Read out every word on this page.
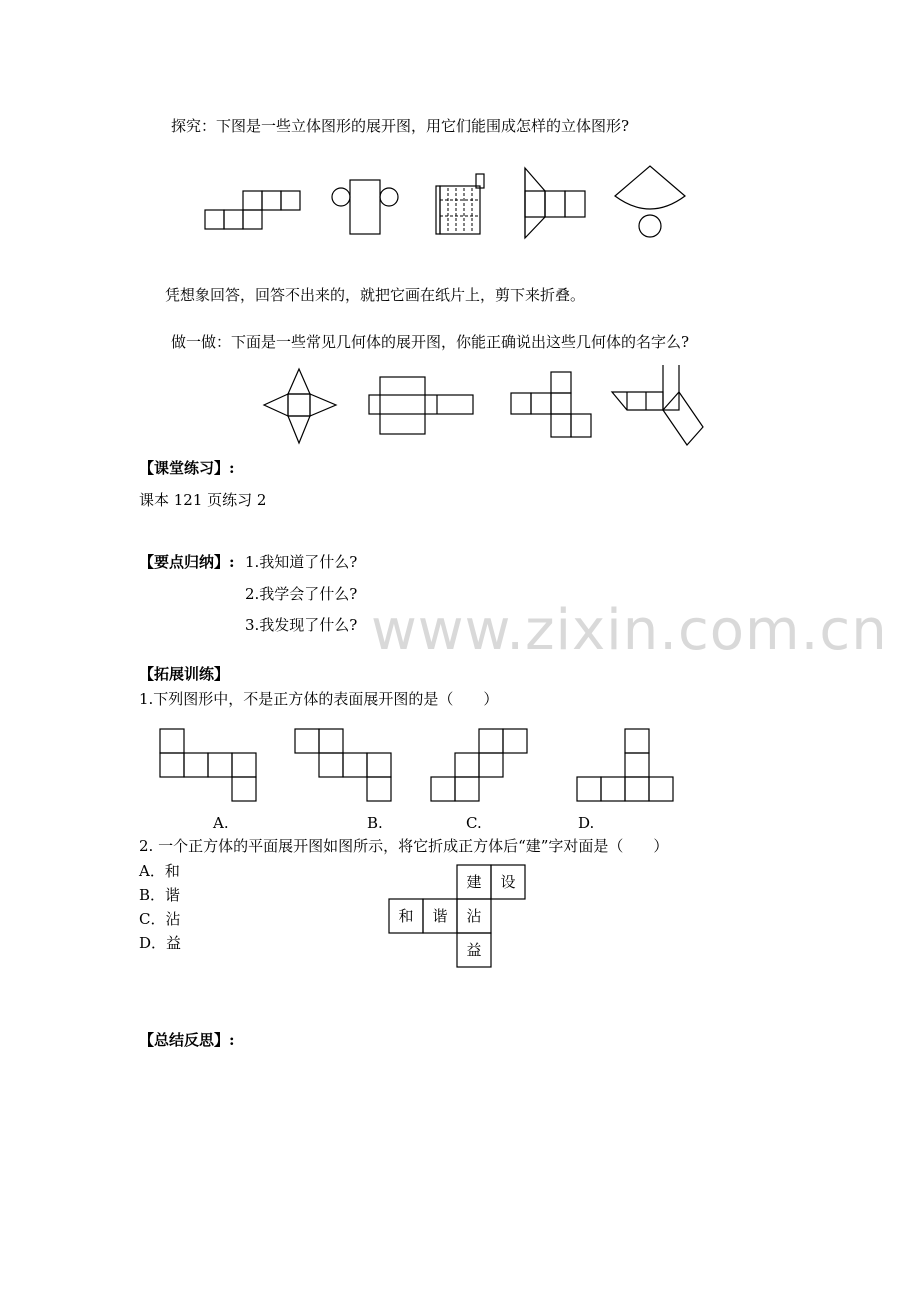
探究：下图是一些立体图形的展开图，用它们能围成怎样的立体图形?
凭想象回答，回答不出来的，就把它画在纸片上，剪下来折叠。
做一做：下面是一些常见几何体的展开图，你能正确说出这些几何体的名字么?
【课堂练习】:
课本 121 页练习 2
【要点归纳】: 1.我知道了什么?
2.我学会了什么?
3.我发现了什么? www.zixin.com.cn
【拓展训练】
1.下列图形中，不是正方体的表面展开图的是（　　）
A.	B.	C.	D.
2. 一个正方体的平面展开图如图所示，将它折成正方体后“建”字对面是（　　）
A．和
B．谐
C．沾
D．益
建 设
和 谐 沾
益
【总结反思】:
